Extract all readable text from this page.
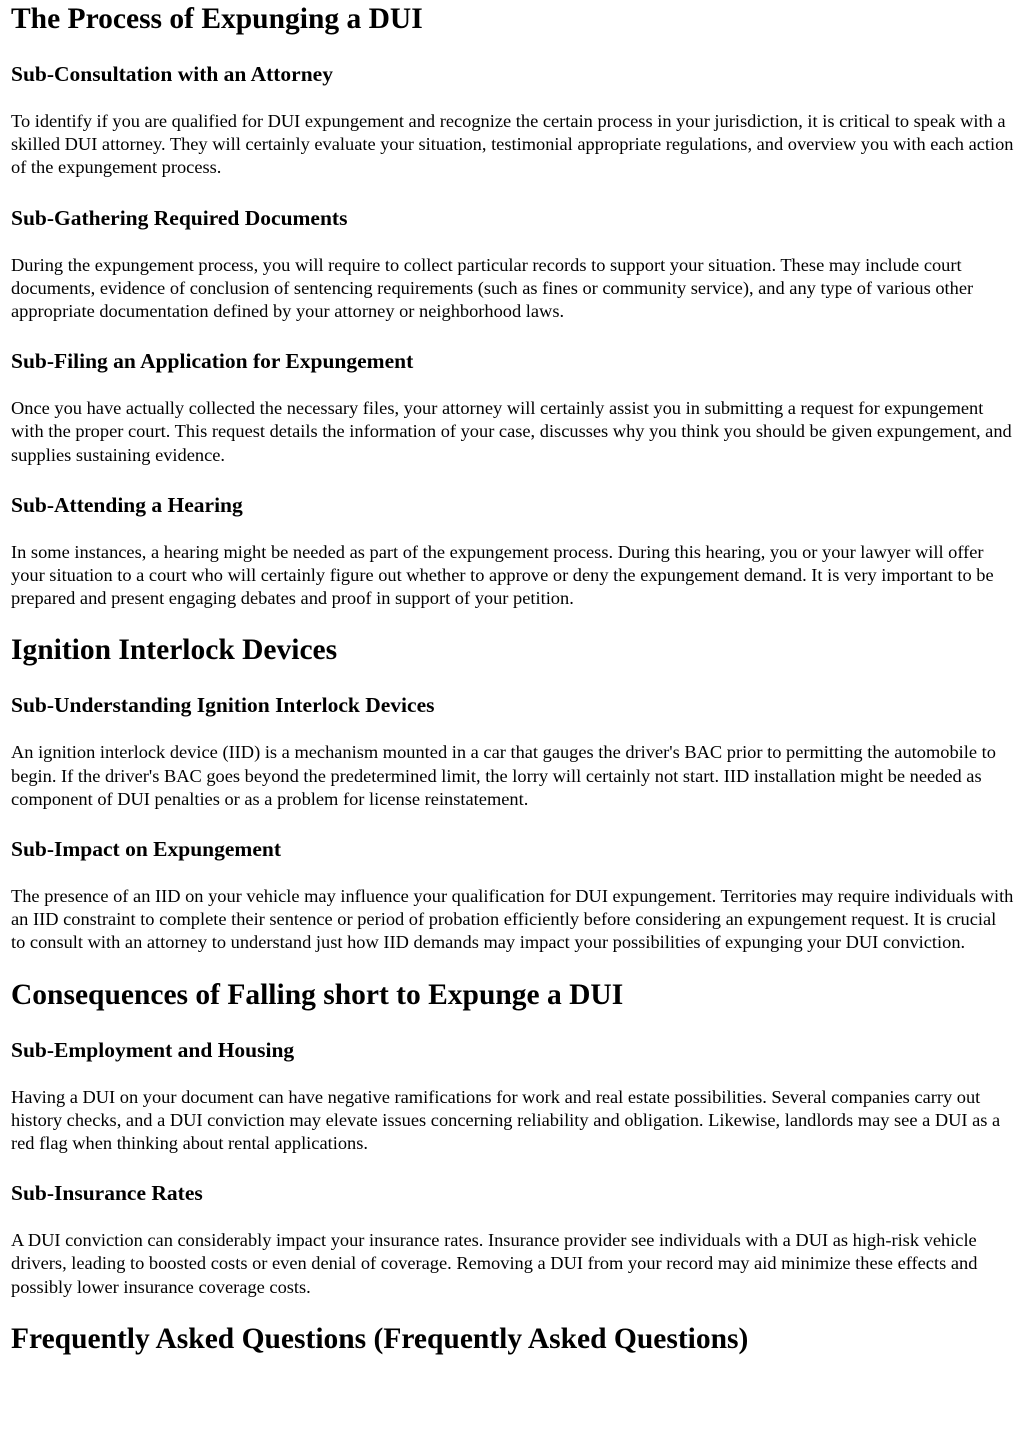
The Process of Expunging a DUI
Sub-Consultation with an Attorney

To identify if you are qualified for DUI expungement and recognize the certain process in your jurisdiction, it is critical to speak with a skilled DUI attorney. They will certainly evaluate your situation, testimonial appropriate regulations, and overview you with each action of the expungement process.

Sub-Gathering Required Documents

During the expungement process, you will require to collect particular records to support your situation. These may include court documents, evidence of conclusion of sentencing requirements (such as fines or community service), and any type of various other appropriate documentation defined by your attorney or neighborhood laws.

Sub-Filing an Application for Expungement

Once you have actually collected the necessary files, your attorney will certainly assist you in submitting a request for expungement with the proper court. This request details the information of your case, discusses why you think you should be given expungement, and supplies sustaining evidence.

Sub-Attending a Hearing

In some instances, a hearing might be needed as part of the expungement process. During this hearing, you or your lawyer will offer your situation to a court who will certainly figure out whether to approve or deny the expungement demand. It is very important to be prepared and present engaging debates and proof in support of your petition.

Ignition Interlock Devices
Sub-Understanding Ignition Interlock Devices

An ignition interlock device (IID) is a mechanism mounted in a car that gauges the driver's BAC prior to permitting the automobile to begin. If the driver's BAC goes beyond the predetermined limit, the lorry will certainly not start. IID installation might be needed as component of DUI penalties or as a problem for license reinstatement.

Sub-Impact on Expungement

The presence of an IID on your vehicle may influence your qualification for DUI expungement. Territories may require individuals with an IID constraint to complete their sentence or period of probation efficiently before considering an expungement request. It is crucial to consult with an attorney to understand just how IID demands may impact your possibilities of expunging your DUI conviction.

Consequences of Falling short to Expunge a DUI
Sub-Employment and Housing

Having a DUI on your document can have negative ramifications for work and real estate possibilities. Several companies carry out history checks, and a DUI conviction may elevate issues concerning reliability and obligation. Likewise, landlords may see a DUI as a red flag when thinking about rental applications.

Sub-Insurance Rates

A DUI conviction can considerably impact your insurance rates. Insurance provider see individuals with a DUI as high-risk vehicle drivers, leading to boosted costs or even denial of coverage. Removing a DUI from your record may aid minimize these effects and possibly lower insurance coverage costs.

Frequently Asked Questions (Frequently Asked Questions)
